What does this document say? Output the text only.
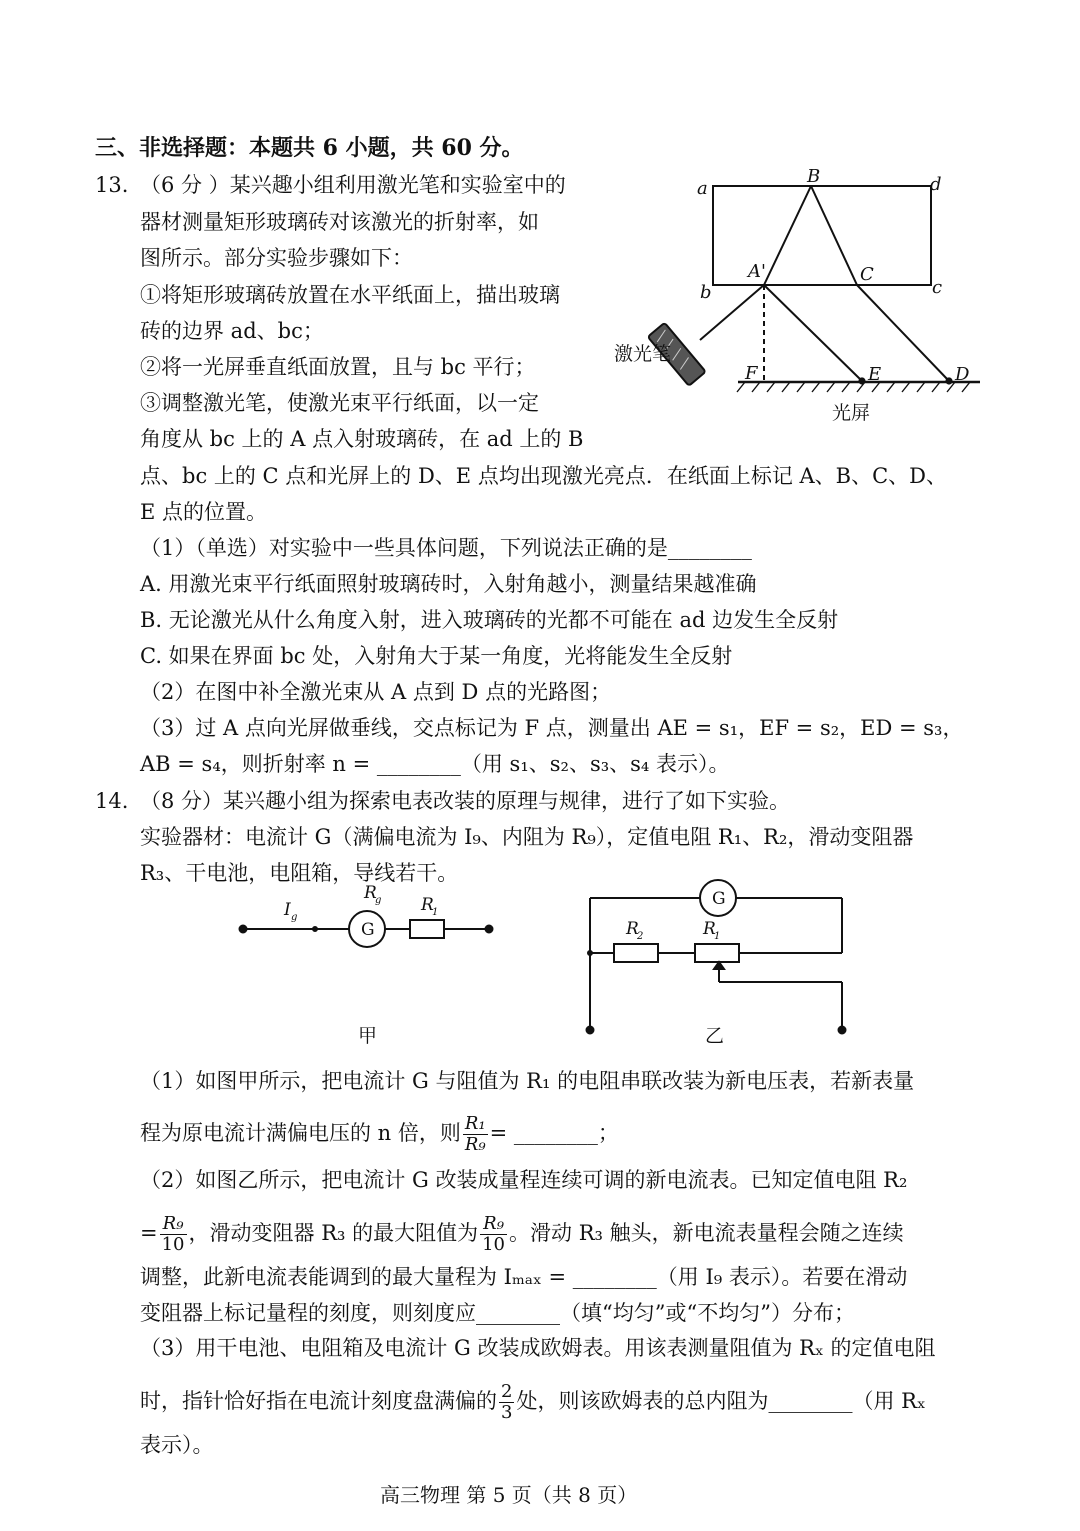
三、非选择题：本题共 6 小题，共 60 分。
13. （6 分 ）某兴趣小组利用激光笔和实验室中的
器材测量矩形玻璃砖对该激光的折射率，如
图所示。部分实验步骤如下：
①将矩形玻璃砖放置在水平纸面上，描出玻璃
砖的边界 ad、bc；
②将一光屏垂直纸面放置，且与 bc 平行；
③调整激光笔，使激光束平行纸面，以一定
角度从 bc 上的 A 点入射玻璃砖，在 ad 上的 B
点、bc 上的 C 点和光屏上的 D、E 点均出现激光亮点．在纸面上标记 A、B、C、D、
E 点的位置。
（1）（单选）对实验中一些具体问题，下列说法正确的是________
A. 用激光束平行纸面照射玻璃砖时，入射角越小，测量结果越准确
B. 无论激光从什么角度入射，进入玻璃砖的光都不可能在 ad 边发生全反射
C. 如果在界面 bc 处，入射角大于某一角度，光将能发生全反射
（2）在图中补全激光束从 A 点到 D 点的光路图；
（3）过 A 点向光屏做垂线，交点标记为 F 点，测量出 AE = s₁，EF = s₂，ED = s₃，
AB = s₄，则折射率 n = ________（用 s₁、s₂、s₃、s₄ 表示）。
14. （8 分）某兴趣小组为探索电表改装的原理与规律，进行了如下实验。
实验器材：电流计 G（满偏电流为 I₉、内阻为 R₉），定值电阻 R₁、R₂，滑动变阻器
R₃、干电池，电阻箱，导线若干。
（1）如图甲所示，把电流计 G 与阻值为 R₁ 的电阻串联改装为新电压表，若新表量
程为原电流计满偏电压的 n 倍，则 $\frac{\text{R₁}}{\text{R₉}}$ = ________；
（2）如图乙所示，把电流计 G 改装成量程连续可调的新电流表。已知定值电阻 R₂
= $\frac{\text{R₉}}{10}$ ，滑动变阻器 R₃ 的最大阻值为 $\frac{\text{R₉}}{10}$ 。滑动 R₃ 触头，新电流表量程会随之连续
调整，此新电流表能调到的最大量程为 Iₘₐₓ = ________（用 I₉ 表示）。若要在滑动
变阻器上标记量程的刻度，则刻度应________（填“均匀”或“不均匀”）分布；
（3）用干电池、电阻箱及电流计 G 改装成欧姆表。用该表测量阻值为 Rₓ 的定值电阻
时，指针恰好指在电流计刻度盘满偏的 $\frac{2}{3}$ 处，则该欧姆表的总内阻为________（用 Rₓ
表示）。
高三物理 第 5 页（共 8 页）
a
B	d
b
A'	C
c
F	E	D
激光笔
光屏
G
I g
R
g R
1
甲
G
R
2	R
1
乙
